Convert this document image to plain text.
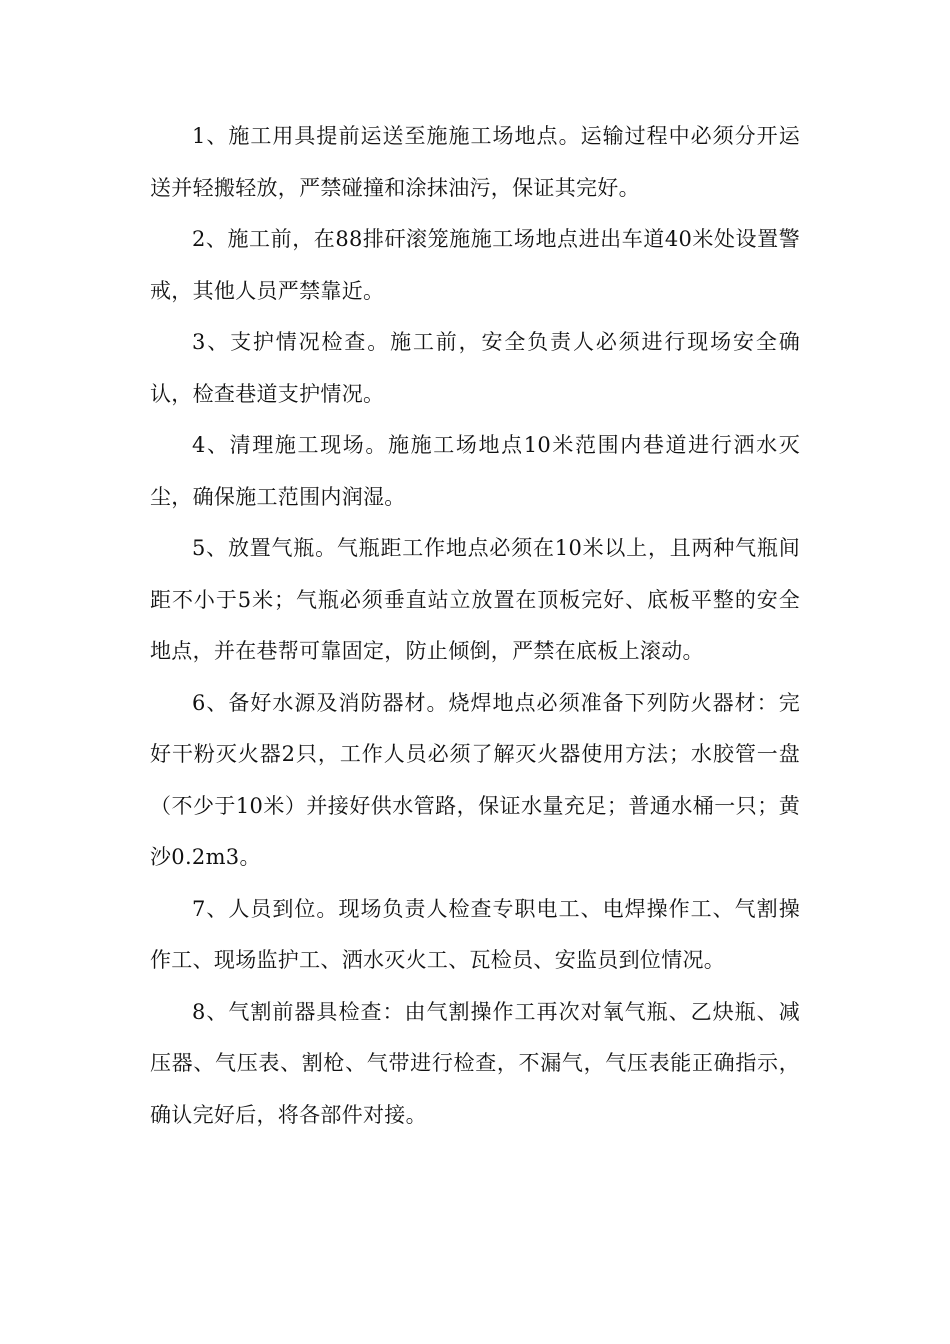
1、施工用具提前运送至施施工场地点。运输过程中必须分开运送并轻搬轻放，严禁碰撞和涂抹油污，保证其完好。

2、施工前，在88排矸滚笼施施工场地点进出车道40米处设置警戒，其他人员严禁靠近。

3、支护情况检查。施工前，安全负责人必须进行现场安全确认，检查巷道支护情况。

4、清理施工现场。施施工场地点10米范围内巷道进行洒水灭尘，确保施工范围内润湿。

5、放置气瓶。气瓶距工作地点必须在10米以上，且两种气瓶间距不小于5米；气瓶必须垂直站立放置在顶板完好、底板平整的安全地点，并在巷帮可靠固定，防止倾倒，严禁在底板上滚动。

6、备好水源及消防器材。烧焊地点必须准备下列防火器材：完好干粉灭火器2只，工作人员必须了解灭火器使用方法；水胶管一盘（不少于10米）并接好供水管路，保证水量充足；普通水桶一只；黄沙0.2m3。

7、人员到位。现场负责人检查专职电工、电焊操作工、气割操作工、现场监护工、洒水灭火工、瓦检员、安监员到位情况。

8、气割前器具检查：由气割操作工再次对氧气瓶、乙炔瓶、减压器、气压表、割枪、气带进行检查，不漏气，气压表能正确指示，确认完好后，将各部件对接。
